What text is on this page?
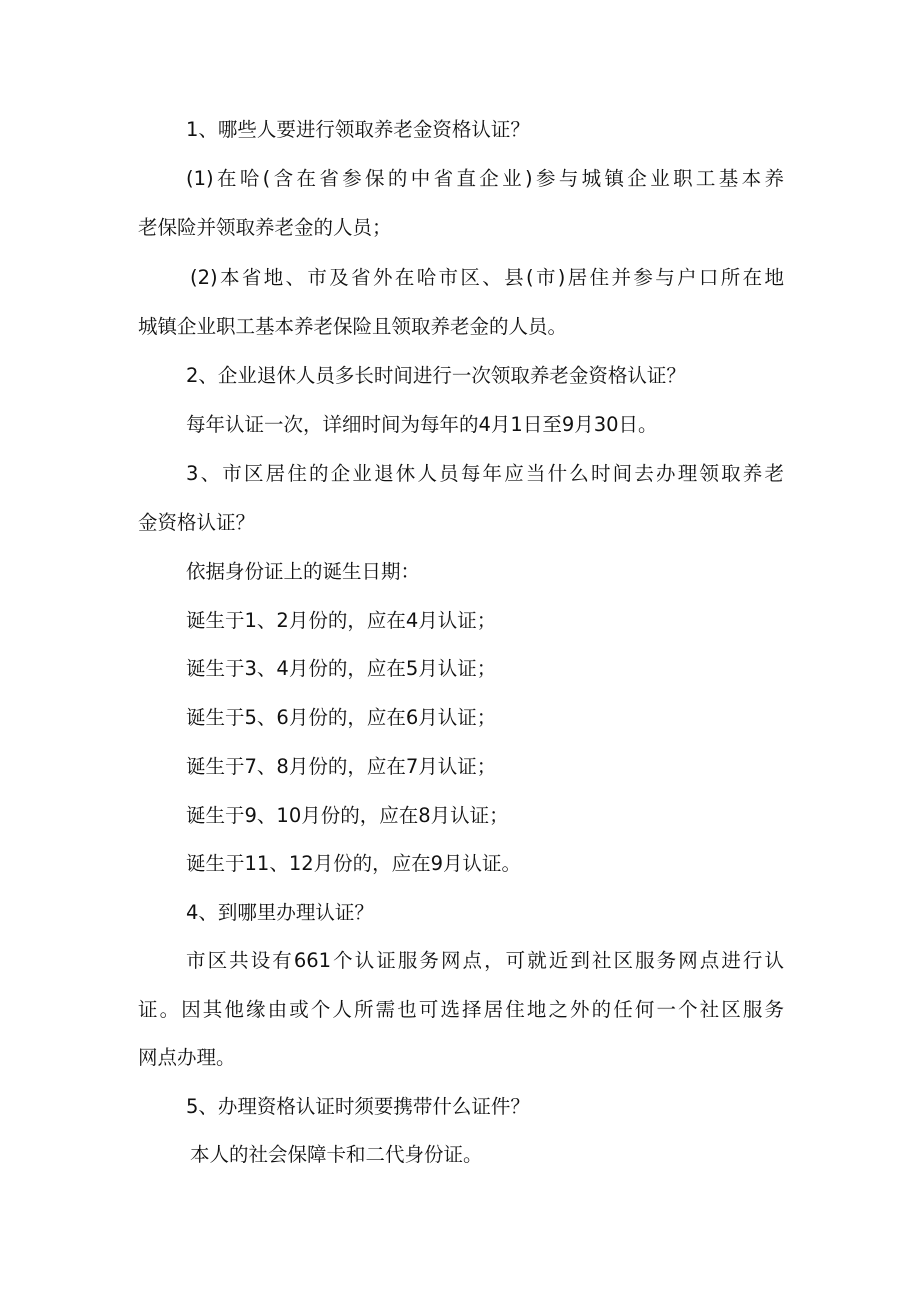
1、哪些人要进行领取养老金资格认证？
(1)在哈(含在省参保的中省直企业)参与城镇企业职工基本养
老保险并领取养老金的人员；
(2)本省地、市及省外在哈市区、县(市)居住并参与户口所在地
城镇企业职工基本养老保险且领取养老金的人员。
2、企业退休人员多长时间进行一次领取养老金资格认证？
每年认证一次，详细时间为每年的4月1日至9月30日。
3、市区居住的企业退休人员每年应当什么时间去办理领取养老
金资格认证？
依据身份证上的诞生日期：
诞生于1、2月份的，应在4月认证；
诞生于3、4月份的，应在5月认证；
诞生于5、6月份的，应在6月认证；
诞生于7、8月份的，应在7月认证；
诞生于9、10月份的，应在8月认证；
诞生于11、12月份的，应在9月认证。
4、到哪里办理认证？
市区共设有661个认证服务网点，可就近到社区服务网点进行认
证。因其他缘由或个人所需也可选择居住地之外的任何一个社区服务
网点办理。
5、办理资格认证时须要携带什么证件？
本人的社会保障卡和二代身份证。
